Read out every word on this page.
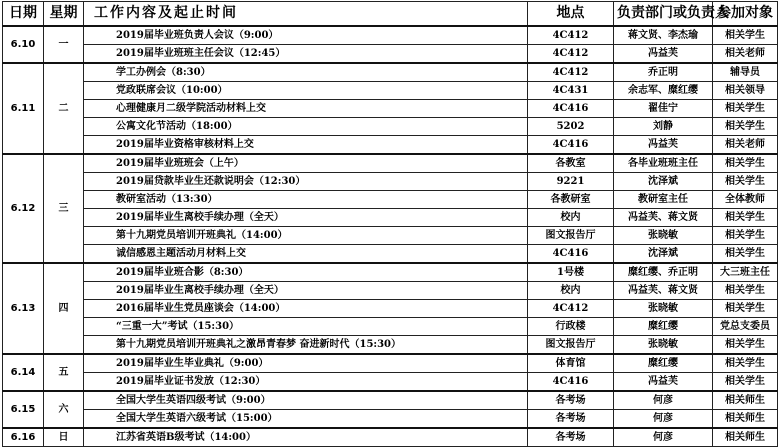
日期	星期	工作内容及起止时间	地点	负责部门或负责人	参加对象
6.10	一	2019届毕业班负责人会议（9:00）	4C412	蒋文贤、李杰瑜	相关学生
		2019届毕业班班主任会议（12:45）	4C412	冯益芙	相关老师
6.11	二	学工办例会（8:30）	4C412	乔正明	辅导员
		党政联席会议（10:00）	4C431	余志军、糜红缨	相关领导
		心理健康月二级学院活动材料上交	4C416	翟佳宁	相关学生
		公寓文化节活动（18:00）	5202	刘静	相关学生
		2019届毕业资格审核材料上交	4C416	冯益芙	相关老师
6.12	三	2019届毕业班班会（上午）	各教室	各毕业班班主任	相关学生
		2019届贷款毕业生还款说明会（12:30）	9221	沈泽斌	相关学生
		教研室活动（13:30）	各教研室	教研室主任	全体教师
		2019届毕业生离校手续办理（全天）	校内	冯益芙、蒋文贤	相关学生
		第十九期党员培训开班典礼（14:00）	图文报告厅	张晓敏	相关学生
		诚信感恩主题活动月材料上交	4C416	沈泽斌	相关学生
6.13	四	2019届毕业班合影（8:30）	1号楼	糜红缨、乔正明	大三班主任
		2019届毕业生离校手续办理（全天）	校内	冯益芙、蒋文贤	相关学生
		2016届毕业生党员座谈会（14:00）	4C412	张晓敏	相关学生
		“三重一大”考试（15:30）	行政楼	糜红缨	党总支委员
		第十九期党员培训开班典礼之激昂青春梦 奋进新时代（15:30）	图文报告厅	张晓敏	相关学生
6.14	五	2019届毕业生毕业典礼（9:00）	体育馆	糜红缨	相关学生
		2019届毕业证书发放（12:30）	4C416	冯益芙	相关学生
6.15	六	全国大学生英语四级考试（9:00）	各考场	何彦	相关师生
		全国大学生英语六级考试（15:00）	各考场	何彦	相关师生
6.16	日	江苏省英语B级考试（14:00）	各考场	何彦	相关师生
